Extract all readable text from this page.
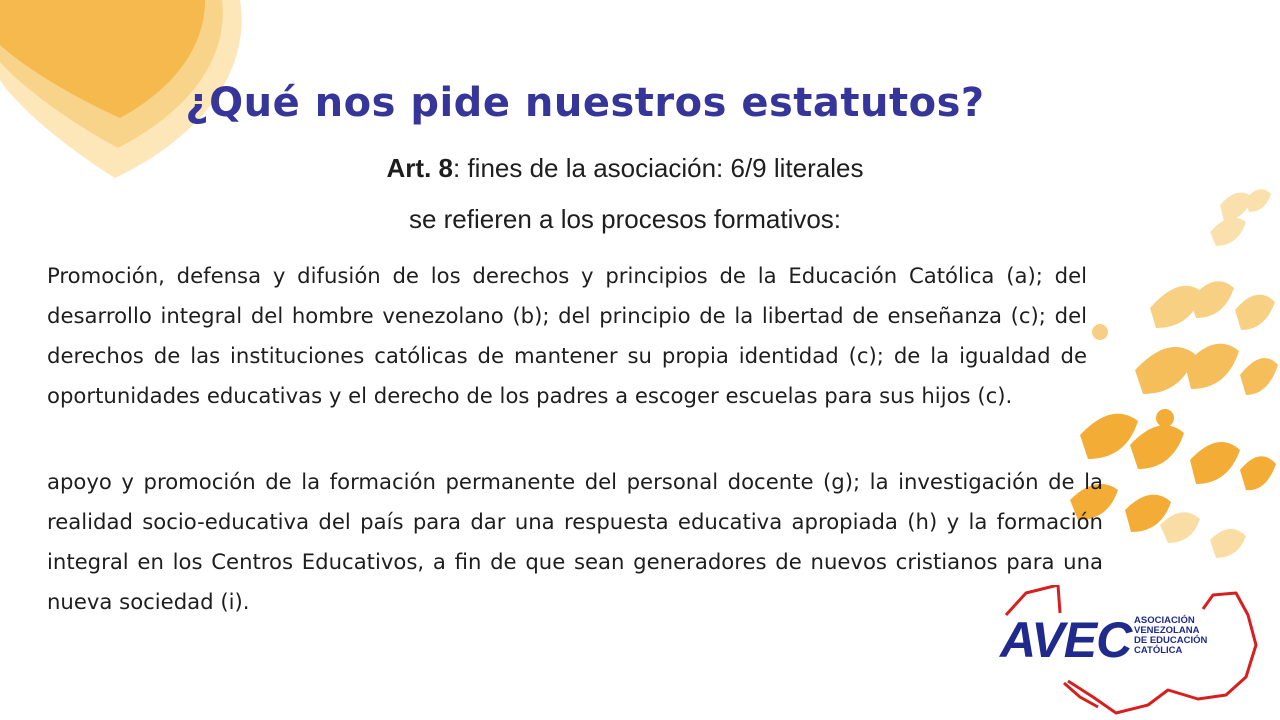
¿Qué nos pide nuestros estatutos?
Art. 8: fines de la asociación: 6/9 literales
se refieren a los procesos formativos:
Promoción, defensa y difusión de los derechos y principios de la Educación Católica (a); del desarrollo integral del hombre venezolano (b); del principio de la libertad de enseñanza (c); del derechos de las instituciones católicas de mantener su propia identidad (c); de la igualdad de oportunidades educativas y el derecho de los padres a escoger escuelas para sus hijos (c).
apoyo y promoción de la formación permanente del personal docente (g); la investigación de la realidad socio-educativa del país para dar una respuesta educativa apropiada (h) y la formación integral en los Centros Educativos, a fin de que sean generadores de nuevos cristianos para una nueva sociedad (i).
AVEC ASOCIACIÓN
VENEZOLANA
DE EDUCACIÓN
CATÓLICA
